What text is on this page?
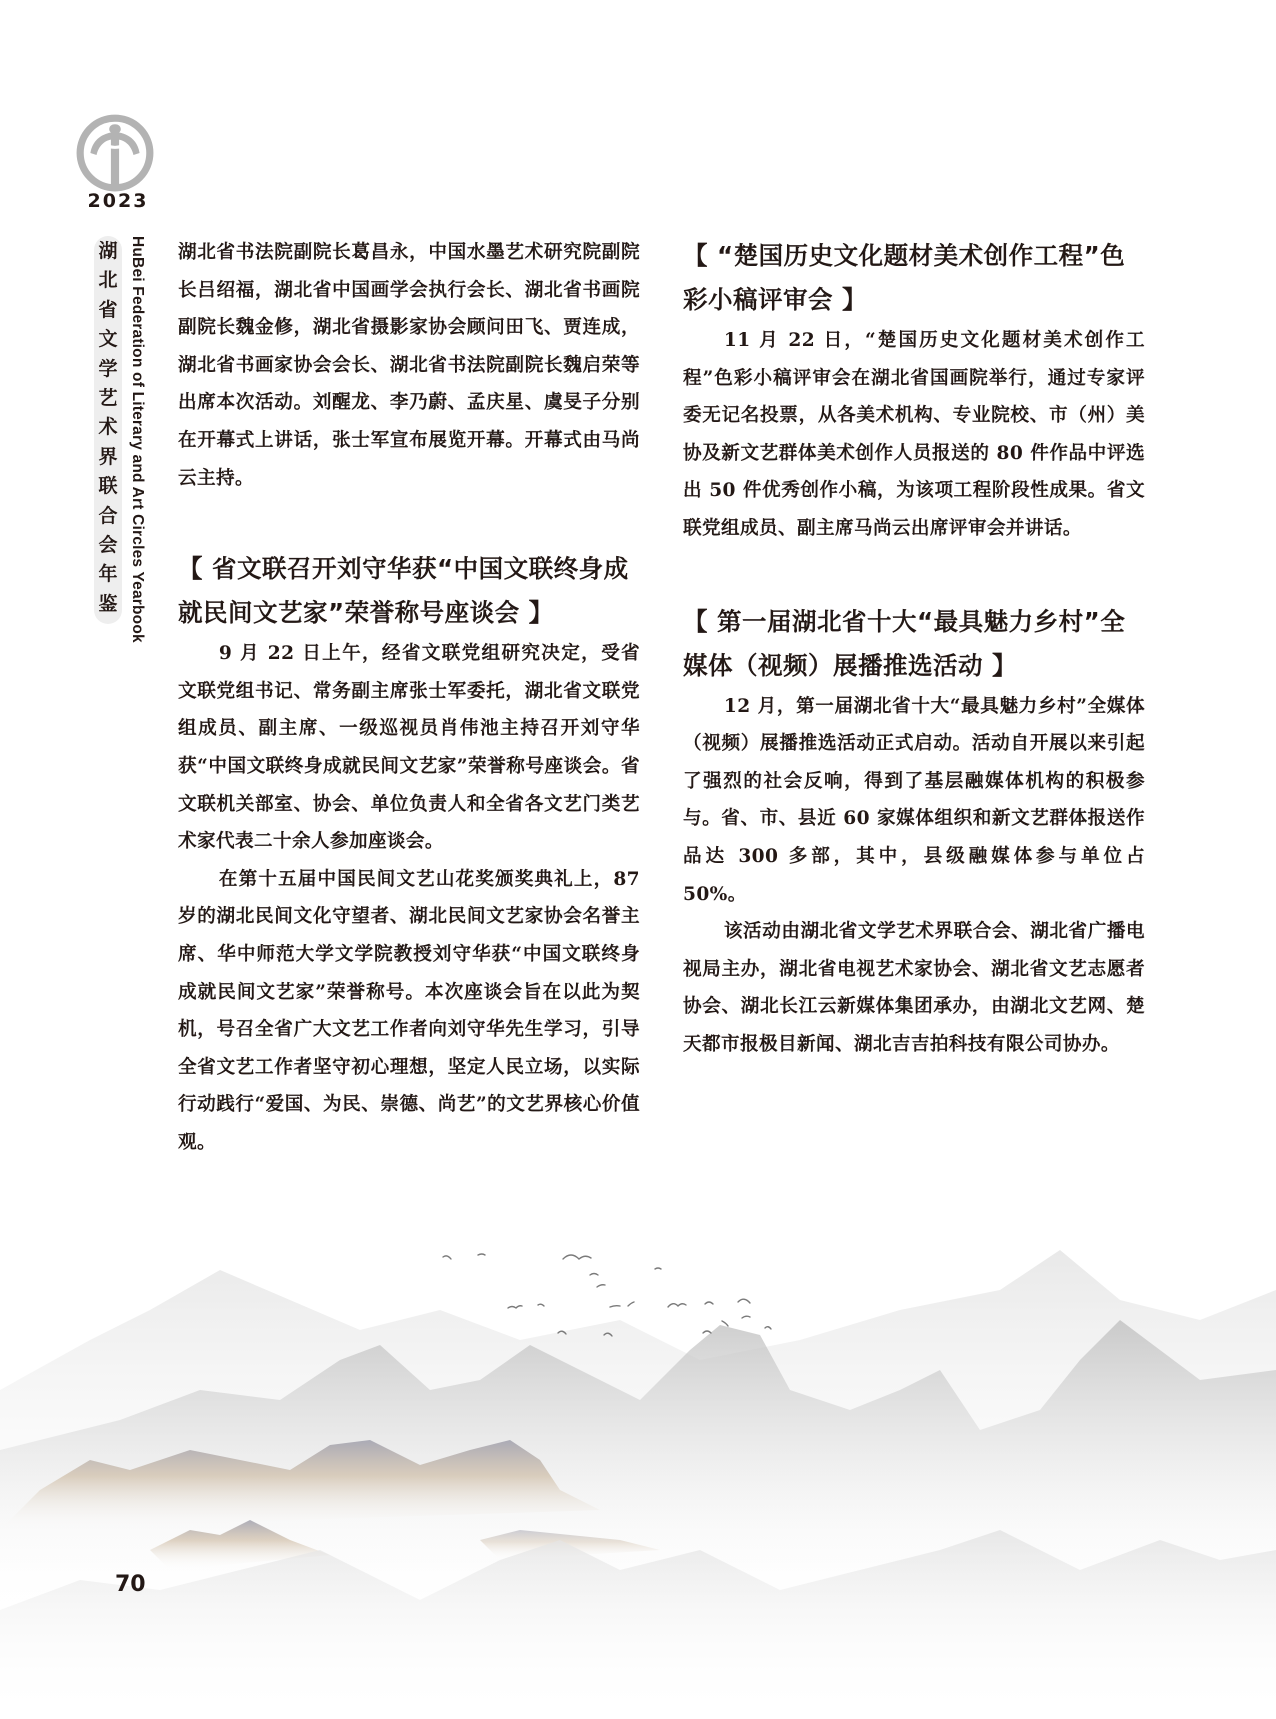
2023
湖
北
省
文
学
艺
术
界
联
合
会
年
鉴 HuBei Federation of Literary and Art Circles Yearbook 湖北省书法院副院长葛昌永，中国水墨艺术研究院副院长吕绍福，湖北省中国画学会执行会长、湖北省书画院副院长魏金修，湖北省摄影家协会顾问田飞、贾连成，湖北省书画家协会会长、湖北省书法院副院长魏启荣等出席本次活动。刘醒龙、李乃蔚、孟庆星、虞旻子分别在开幕式上讲话，张士军宣布展览开幕。开幕式由马尚云主持。

【 省文联召开刘守华获“中国文联终身成就民间文艺家”荣誉称号座谈会 】

9 月 22 日上午，经省文联党组研究决定，受省文联党组书记、常务副主席张士军委托，湖北省文联党组成员、副主席、一级巡视员肖伟池主持召开刘守华获“中国文联终身成就民间文艺家”荣誉称号座谈会。省文联机关部室、协会、单位负责人和全省各文艺门类艺术家代表二十余人参加座谈会。

在第十五届中国民间文艺山花奖颁奖典礼上，87 岁的湖北民间文化守望者、湖北民间文艺家协会名誉主席、华中师范大学文学院教授刘守华获“中国文联终身成就民间文艺家”荣誉称号。本次座谈会旨在以此为契机，号召全省广大文艺工作者向刘守华先生学习，引导全省文艺工作者坚守初心理想，坚定人民立场，以实际行动践行“爱国、为民、崇德、尚艺”的文艺界核心价值观。

【 “楚国历史文化题材美术创作工程”色彩小稿评审会 】

11 月 22 日，“楚国历史文化题材美术创作工程”色彩小稿评审会在湖北省国画院举行，通过专家评委无记名投票，从各美术机构、专业院校、市（州）美协及新文艺群体美术创作人员报送的 80 件作品中评选出 50 件优秀创作小稿，为该项工程阶段性成果。省文联党组成员、副主席马尚云出席评审会并讲话。

【 第一届湖北省十大“最具魅力乡村”全媒体（视频）展播推选活动 】

12 月，第一届湖北省十大“最具魅力乡村”全媒体（视频）展播推选活动正式启动。活动自开展以来引起了强烈的社会反响，得到了基层融媒体机构的积极参与。省、市、县近 60 家媒体组织和新文艺群体报送作品达 300 多部，其中，县级融媒体参与单位占 50%。

该活动由湖北省文学艺术界联合会、湖北省广播电视局主办，湖北省电视艺术家协会、湖北省文艺志愿者协会、湖北长江云新媒体集团承办，由湖北文艺网、楚天都市报极目新闻、湖北吉吉拍科技有限公司协办。

70
